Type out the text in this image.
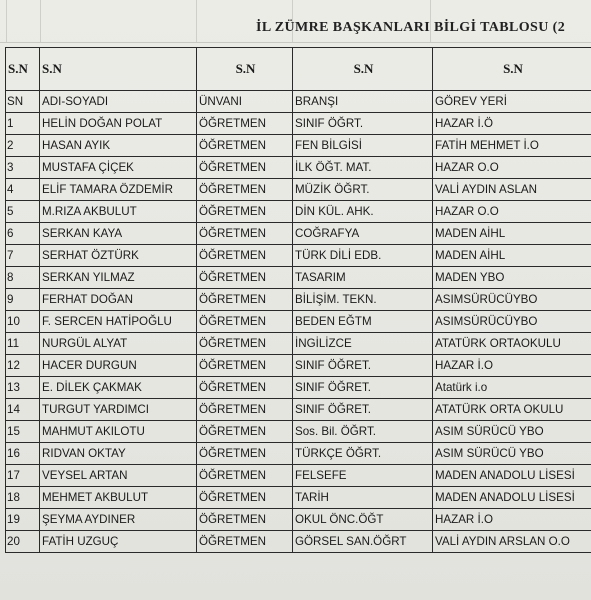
İL ZÜMRE BAŞKANLARI BİLGİ TABLOSU (2
S.N	S.N	S.N	S.N	S.N
SN	ADI-SOYADI	ÜNVANI	BRANŞI	GÖREV YERİ
1	HELİN DOĞAN POLAT	ÖĞRETMEN	SINIF ÖĞRT.	HAZAR İ.Ö
2	HASAN AYIK	ÖĞRETMEN	FEN BİLGİSİ	FATİH MEHMET İ.O
3	MUSTAFA ÇİÇEK	ÖĞRETMEN	İLK ÖĞT. MAT.	HAZAR O.O
4	ELİF TAMARA ÖZDEMİR	ÖĞRETMEN	MÜZİK ÖĞRT.	VALİ AYDIN ASLAN
5	M.RIZA AKBULUT	ÖĞRETMEN	DİN KÜL. AHK.	HAZAR O.O
6	SERKAN KAYA	ÖĞRETMEN	COĞRAFYA	MADEN AİHL
7	SERHAT ÖZTÜRK	ÖĞRETMEN	TÜRK DİLİ EDB.	MADEN AİHL
8	SERKAN YILMAZ	ÖĞRETMEN	TASARIM	MADEN YBO
9	FERHAT DOĞAN	ÖĞRETMEN	BİLİŞİM. TEKN.	ASIMSÜRÜCÜYBO
10	F. SERCEN HATİPOĞLU	ÖĞRETMEN	BEDEN EĞTM	ASIMSÜRÜCÜYBO
11	NURGÜL ALYAT	ÖĞRETMEN	İNGİLİZCE	ATATÜRK ORTAOKULU
12	HACER DURGUN	ÖĞRETMEN	SINIF ÖĞRET.	HAZAR İ.O
13	E. DİLEK ÇAKMAK	ÖĞRETMEN	SINIF ÖĞRET.	Atatürk i.o
14	TURGUT YARDIMCI	ÖĞRETMEN	SINIF ÖĞRET.	ATATÜRK ORTA OKULU
15	MAHMUT AKILOTU	ÖĞRETMEN	Sos. Bil. ÖĞRT.	ASIM SÜRÜCÜ YBO
16	RIDVAN OKTAY	ÖĞRETMEN	TÜRKÇE ÖĞRT.	ASIM SÜRÜCÜ YBO
17	VEYSEL ARTAN	ÖĞRETMEN	FELSEFE	MADEN ANADOLU LİSESİ
18	MEHMET AKBULUT	ÖĞRETMEN	TARİH	MADEN ANADOLU LİSESİ
19	ŞEYMA AYDINER	ÖĞRETMEN	OKUL ÖNC.ÖĞT	HAZAR İ.O
20	FATİH UZGUÇ	ÖĞRETMEN	GÖRSEL SAN.ÖĞRT	VALİ AYDIN ARSLAN O.O
